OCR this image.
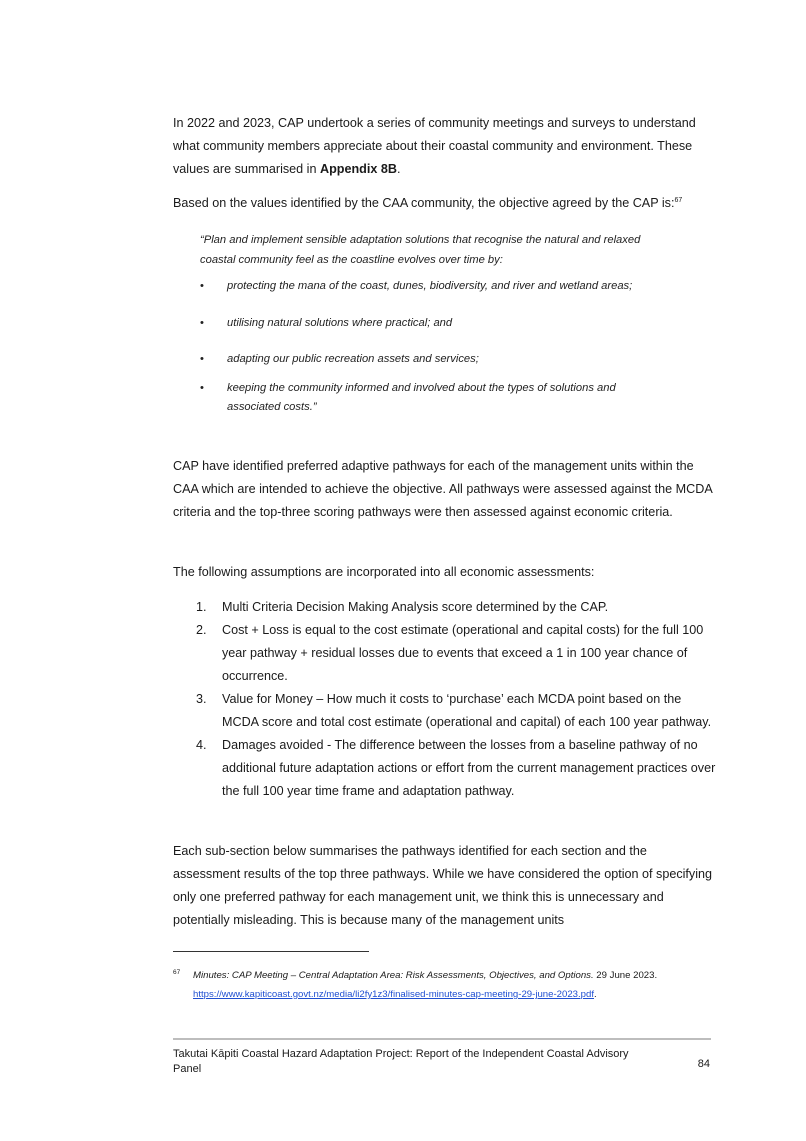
In 2022 and 2023, CAP undertook a series of community meetings and surveys to understand what community members appreciate about their coastal community and environment. These values are summarised in Appendix 8B.

Based on the values identified by the CAA community, the objective agreed by the CAP is:$^{67}$

“Plan and implement sensible adaptation solutions that recognise the natural and relaxed coastal community feel as the coastline evolves over time by:
• protecting the mana of the coast, dunes, biodiversity, and river and wetland areas;
• utilising natural solutions where practical; and
• adapting our public recreation assets and services;
• keeping the community informed and involved about the types of solutions and associated costs.”

CAP have identified preferred adaptive pathways for each of the management units within the CAA which are intended to achieve the objective. All pathways were assessed against the MCDA criteria and the top-three scoring pathways were then assessed against economic criteria.

The following assumptions are incorporated into all economic assessments:

1. Multi Criteria Decision Making Analysis score determined by the CAP.
2. Cost + Loss is equal to the cost estimate (operational and capital costs) for the full 100 year pathway + residual losses due to events that exceed a 1 in 100 year chance of occurrence.
3. Value for Money – How much it costs to ‘purchase’ each MCDA point based on the MCDA score and total cost estimate (operational and capital) of each 100 year pathway.
4. Damages avoided - The difference between the losses from a baseline pathway of no additional future adaptation actions or effort from the current management practices over the full 100 year time frame and adaptation pathway.

Each sub-section below summarises the pathways identified for each section and the assessment results of the top three pathways. While we have considered the option of specifying only one preferred pathway for each management unit, we think this is unnecessary and potentially misleading. This is because many of the management units

67	Minutes: CAP Meeting – Central Adaptation Area: Risk Assessments, Objectives, and Options. 29 June 2023.
https://www.kapiticoast.govt.nz/media/li2fy1z3/finalised-minutes-cap-meeting-29-june-2023.pdf.
Takutai Kāpiti Coastal Hazard Adaptation Project: Report of the Independent Coastal Advisory Panel	84
